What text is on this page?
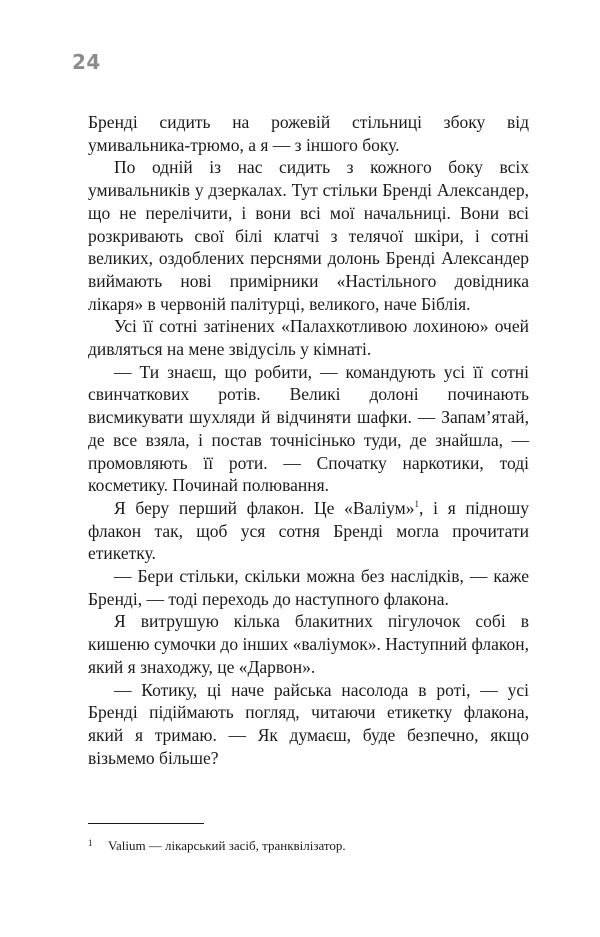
24

Бренді сидить на рожевій стільниці збоку від умивальника-трюмо, а я — з іншого боку.

По одній із нас сидить з кожного боку всіх умивальників у дзеркалах. Тут стільки Бренді Александер, що не перелічити, і вони всі мої начальниці. Вони всі розкривають свої білі клатчі з телячої шкіри, і сотні великих, оздоблених перснями долонь Бренді Александер виймають нові примірники «Настільного довідника лікаря» в червоній палітурці, великого, наче Біблія.

Усі її сотні затінених «Палахкотливою лохиною» очей дивляться на мене звідусіль у кімнаті.

— Ти знаєш, що робити, — командують усі її сотні свинчаткових ротів. Великі долоні починають висмикувати шухляди й відчиняти шафки. — Запам’ятай, де все взяла, і постав точнісінько туди, де знайшла, — промовляють її роти. — Спочатку наркотики, тоді косметику. Починай полювання.

Я беру перший флакон. Це «Валіум»$^1$, і я підношу флакон так, щоб уся сотня Бренді могла прочитати етикетку.

— Бери стільки, скільки можна без наслідків, — каже Бренді, — тоді переходь до наступного флакона.

Я витрушую кілька блакитних пігулочок собі в кишеню сумочки до інших «валіумок». Наступний флакон, який я знаходжу, це «Дарвон».

— Котику, ці наче райська насолода в роті, — усі Бренді підіймають погляд, читаючи етикетку флакона, який я тримаю. — Як думаєш, буде безпечно, якщо візьмемо більше?

1 Valium — лікарський засіб, транквілізатор.
